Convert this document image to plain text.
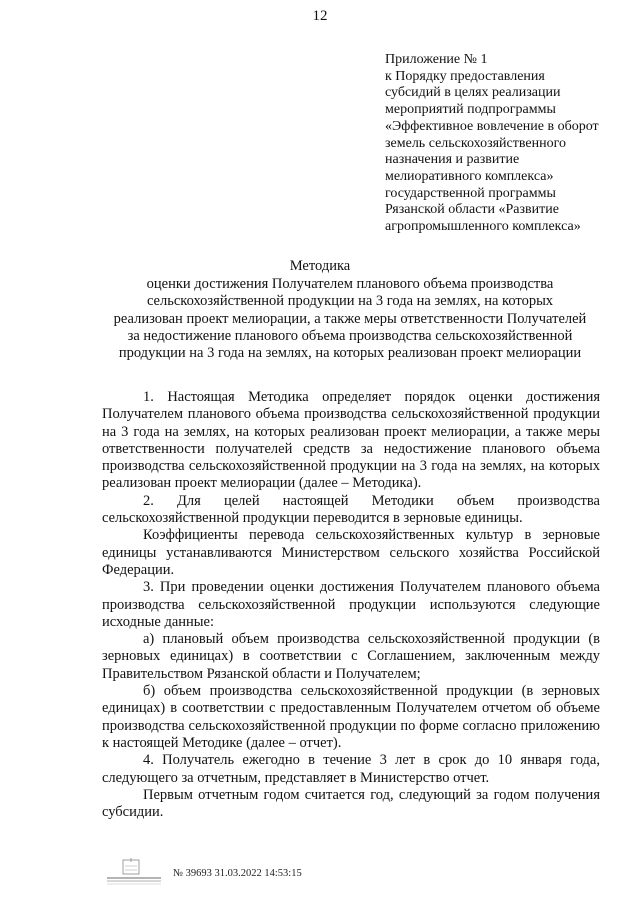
12
Приложение № 1
к Порядку предоставления
субсидий в целях реализации
мероприятий подпрограммы
«Эффективное вовлечение в оборот
земель сельскохозяйственного
назначения и развитие
мелиоративного комплекса»
государственной программы
Рязанской области «Развитие
агропромышленного комплекса»
Методика
оценки достижения Получателем планового объема производства
сельскохозяйственной продукции на 3 года на землях, на которых
реализован проект мелиорации, а также меры ответственности Получателей
за недостижение планового объема производства сельскохозяйственной
продукции на 3 года на землях, на которых реализован проект мелиорации

1. Настоящая Методика определяет порядок оценки достижения Получателем планового объема производства сельскохозяйственной продукции на 3 года на землях, на которых реализован проект мелиорации, а также меры ответственности получателей средств за недостижение планового объема производства сельскохозяйственной продукции на 3 года на землях, на которых реализован проект мелиорации (далее – Методика).

2. Для целей настоящей Методики объем производства сельскохозяйственной продукции переводится в зерновые единицы.

Коэффициенты перевода сельскохозяйственных культур в зерновые единицы устанавливаются Министерством сельского хозяйства Российской Федерации.

3. При проведении оценки достижения Получателем планового объема производства сельскохозяйственной продукции используются следующие исходные данные:

а) плановый объем производства сельскохозяйственной продукции (в зерновых единицах) в соответствии с Соглашением, заключенным между Правительством Рязанской области и Получателем;

б) объем производства сельскохозяйственной продукции (в зерновых единицах) в соответствии с предоставленным Получателем отчетом об объеме производства сельскохозяйственной продукции по форме согласно приложению к настоящей Методике (далее – отчет).

4. Получатель ежегодно в течение 3 лет в срок до 10 января года, следующего за отчетным, представляет в Министерство отчет.

Первым отчетным годом считается год, следующий за годом получения субсидии.

№ 39693 31.03.2022 14:53:15
